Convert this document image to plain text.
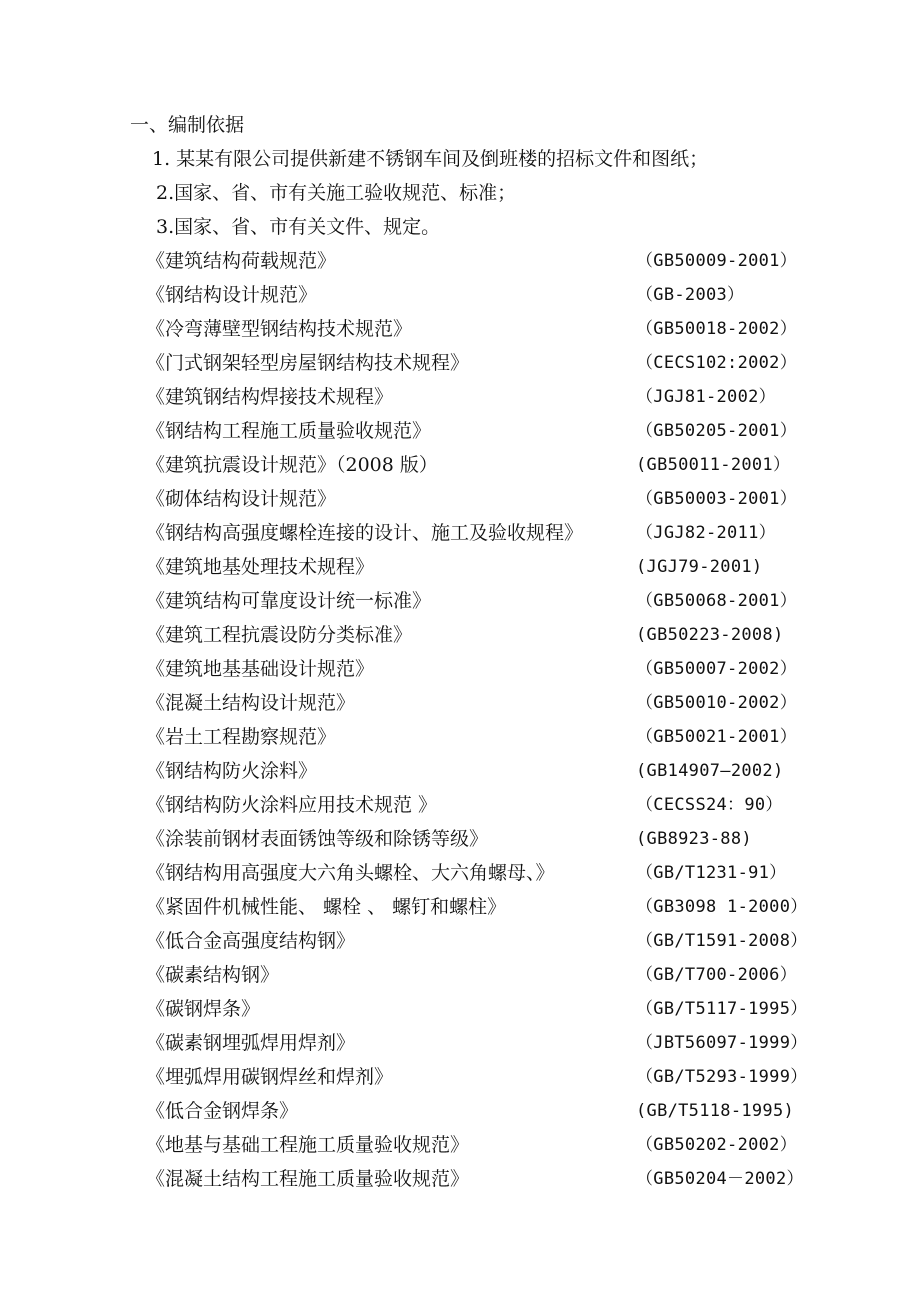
一、编制依据
1. 某某有限公司提供新建不锈钢车间及倒班楼的招标文件和图纸；
2.国家、省、市有关施工验收规范、标准；
3.国家、省、市有关文件、规定。
《建筑结构荷载规范》	（GB50009-2001）
《钢结构设计规范》	（GB-2003）
《冷弯薄壁型钢结构技术规范》	（GB50018-2002）
《门式钢架轻型房屋钢结构技术规程》	（CECS102:2002）
《建筑钢结构焊接技术规程》	（JGJ81-2002）
《钢结构工程施工质量验收规范》	（GB50205-2001）
《建筑抗震设计规范》（2008 版）	(GB50011-2001）
《砌体结构设计规范》	（GB50003-2001）
《钢结构高强度螺栓连接的设计、施工及验收规程》	（JGJ82-2011）
《建筑地基处理技术规程》	(JGJ79-2001)
《建筑结构可靠度设计统一标准》	（GB50068-2001）
《建筑工程抗震设防分类标准》	(GB50223-2008)
《建筑地基基础设计规范》	（GB50007-2002）
《混凝土结构设计规范》	（GB50010-2002）
《岩土工程勘察规范》	（GB50021-2001）
《钢结构防火涂料》	(GB14907—2002)
《钢结构防火涂料应用技术规范 》	（CECSS24：90）
《涂装前钢材表面锈蚀等级和除锈等级》	(GB8923-88)
《钢结构用高强度大六角头螺栓、大六角螺母、》	（GB/T1231-91）
《紧固件机械性能、 螺栓 、 螺钉和螺柱》	（GB3098 1-2000）
《低合金高强度结构钢》	（GB/T1591-2008）
《碳素结构钢》	（GB/T700-2006）
《碳钢焊条》	（GB/T5117-1995）
《碳素钢埋弧焊用焊剂》	（JBT56097-1999）
《埋弧焊用碳钢焊丝和焊剂》	（GB/T5293-1999）
《低合金钢焊条》	(GB/T5118-1995)
《地基与基础工程施工质量验收规范》	（GB50202-2002）
《混凝土结构工程施工质量验收规范》	（GB50204－2002）
